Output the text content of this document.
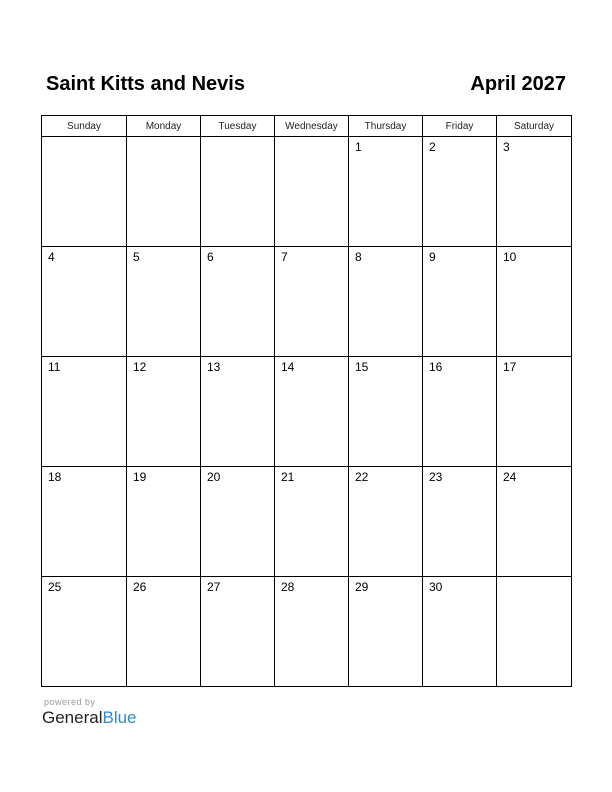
Saint Kitts and Nevis	April 2027
Sunday	Monday	Tuesday	Wednesday	Thursday	Friday	Saturday

				1	2	3

4	5	6	7	8	9	10

11	12	13	14	15	16	17

18	19	20	21	22	23	24

25	26	27	28	29	30	

powered by
GeneralBlue
